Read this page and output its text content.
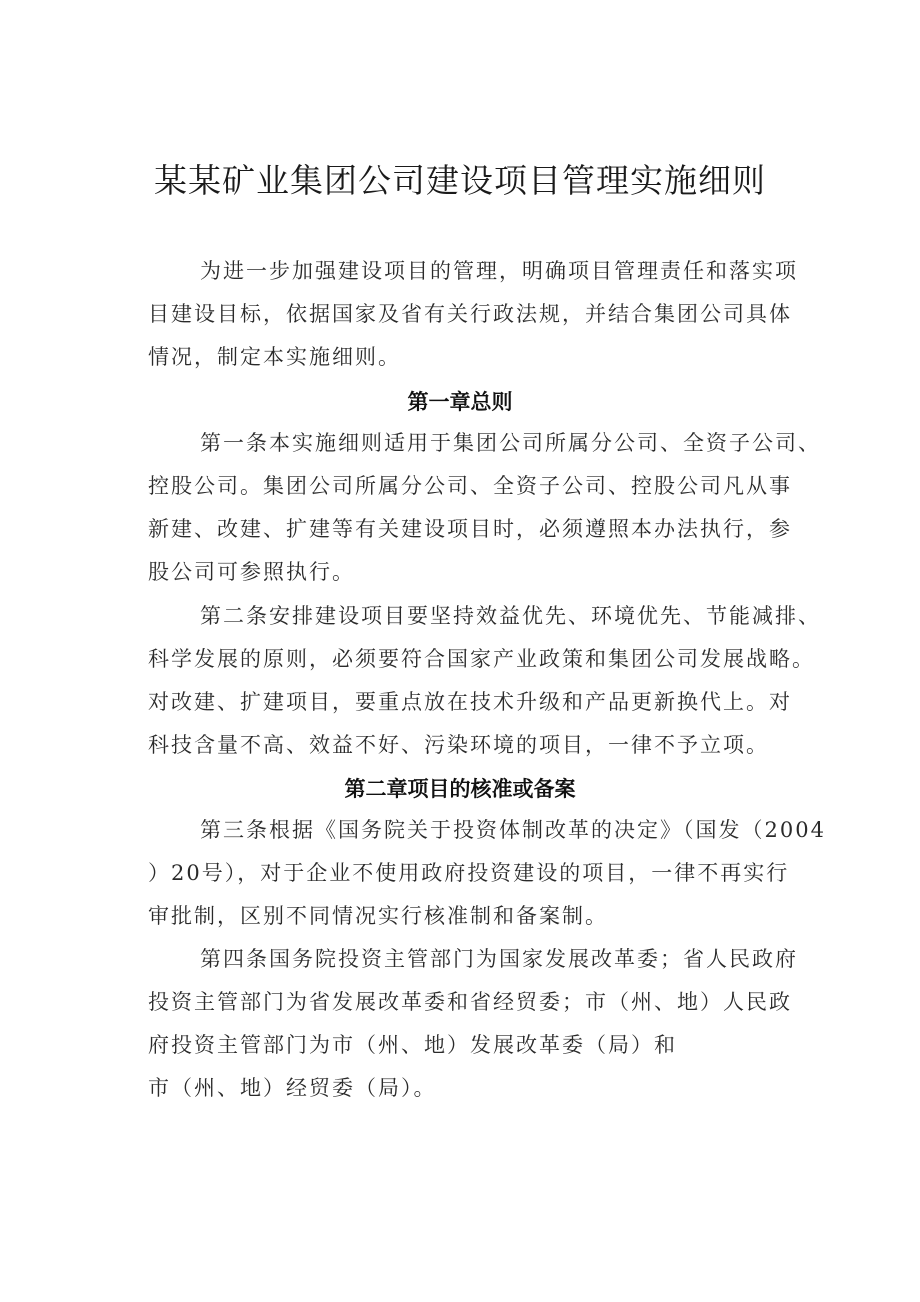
某某矿业集团公司建设项目管理实施细则
为进一步加强建设项目的管理，明确项目管理责任和落实项
目建设目标，依据国家及省有关行政法规，并结合集团公司具体
情况，制定本实施细则。
第一章总则
第一条本实施细则适用于集团公司所属分公司、全资子公司、
控股公司。集团公司所属分公司、全资子公司、控股公司凡从事
新建、改建、扩建等有关建设项目时，必须遵照本办法执行，参
股公司可参照执行。
第二条安排建设项目要坚持效益优先、环境优先、节能减排、
科学发展的原则，必须要符合国家产业政策和集团公司发展战略。
对改建、扩建项目，要重点放在技术升级和产品更新换代上。对
科技含量不高、效益不好、污染环境的项目，一律不予立项。
第二章项目的核准或备案
第三条根据《国务院关于投资体制改革的决定》（国发（2004
）20号），对于企业不使用政府投资建设的项目，一律不再实行
审批制，区别不同情况实行核准制和备案制。
第四条国务院投资主管部门为国家发展改革委；省人民政府
投资主管部门为省发展改革委和省经贸委；市（州、地）人民政
府投资主管部门为市（州、地）发展改革委（局）和
市（州、地）经贸委（局）。
